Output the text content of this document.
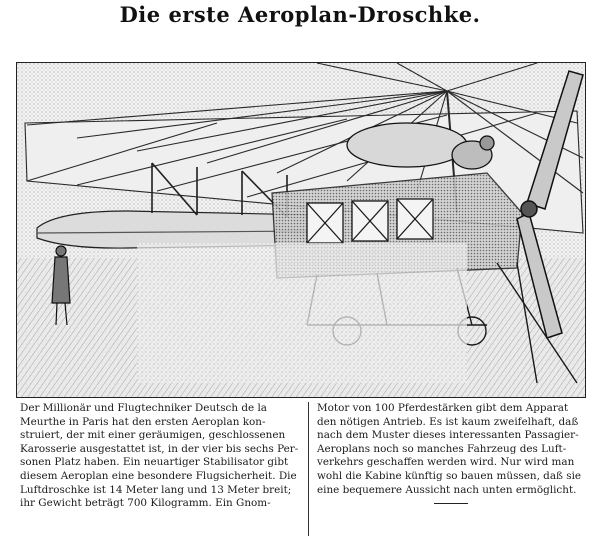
Die erste Aeroplan-Droschke.
Der Millionär und Flugtechniker Deutsch de la
Meurthe in Paris hat den ersten Aeroplan kon-
struiert, der mit einer geräumigen, geschlossenen
Karosserie ausgestattet ist, in der vier bis sechs Per-
sonen Platz haben. Ein neuartiger Stabilisator gibt
diesem Aeroplan eine besondere Flugsicherheit. Die
Luftdroschke ist 14 Meter lang und 13 Meter breit;
ihr Gewicht beträgt 700 Kilogramm. Ein Gnom-
Motor von 100 Pferdestärken gibt dem Apparat
den nötigen Antrieb. Es ist kaum zweifelhaft, daß
nach dem Muster dieses interessanten Passagier-
Aeroplans noch so manches Fahrzeug des Luft-
verkehrs geschaffen werden wird. Nur wird man
wohl die Kabine künftig so bauen müssen, daß sie
eine bequemere Aussicht nach unten ermöglicht.
